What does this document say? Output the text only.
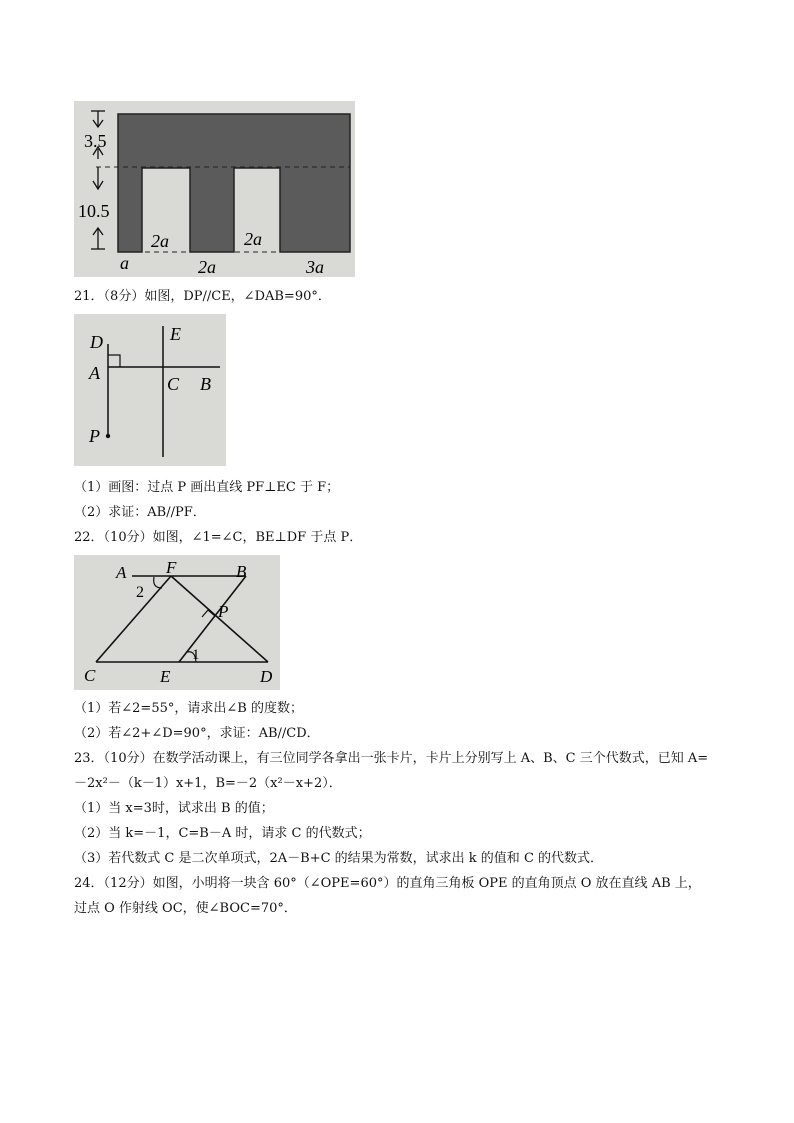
3.5
10.5
2a	2a
a	2a	3a
21．（8分）如图，DP//CE，∠DAB=90°．
D
A
P
E
C B
（1）画图：过点 P 画出直线 PF⊥EC 于 F；
（2）求证：AB//PF．
22．（10分）如图，∠1=∠C，BE⊥DF 于点 P．
A F	B
2
P
1
C	E	D
（1）若∠2=55°，请求出∠B 的度数；
（2）若∠2+∠D=90°，求证：AB//CD．
23．（10分）在数学活动课上，有三位同学各拿出一张卡片，卡片上分别写上 A、B、C 三个代数式，已知 A=
－2x²－（k－1）x+1，B=－2（x²－x+2）．
（1）当 x=3时，试求出 B 的值；
（2）当 k=－1，C=B－A 时，请求 C 的代数式；
（3）若代数式 C 是二次单项式，2A－B+C 的结果为常数，试求出 k 的值和 C 的代数式．
24．（12分）如图，小明将一块含 60°（∠OPE=60°）的直角三角板 OPE 的直角顶点 O 放在直线 AB 上，
过点 O 作射线 OC，使∠BOC=70°．
